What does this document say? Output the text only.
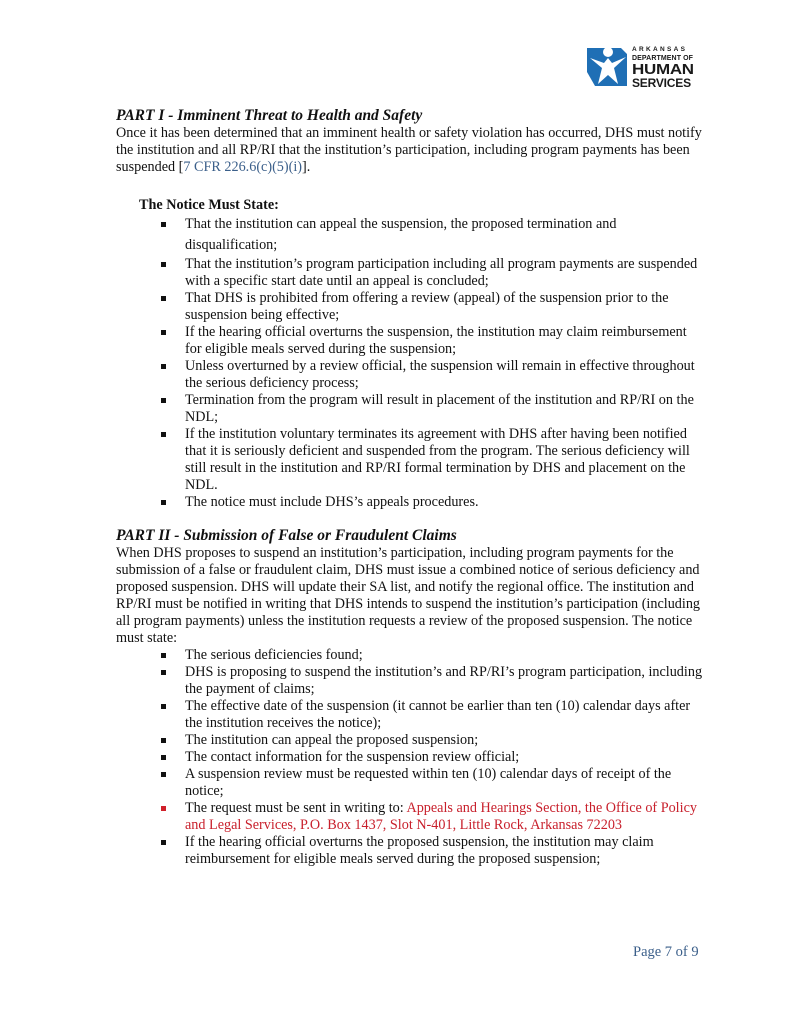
ARKANSAS
DEPARTMENT OF
HUMAN
SERVICES
PART I - Imminent Threat to Health and Safety

Once it has been determined that an imminent health or safety violation has occurred, DHS must notify the institution and all RP/RI that the institution’s participation, including program payments has been suspended [7 CFR 226.6(c)(5)(i)].

The Notice Must State:

That the institution can appeal the suspension, the proposed termination and disqualification;
That the institution’s program participation including all program payments are suspended with a specific start date until an appeal is concluded;
That DHS is prohibited from offering a review (appeal) of the suspension prior to the suspension being effective;
If the hearing official overturns the suspension, the institution may claim reimbursement for eligible meals served during the suspension;
Unless overturned by a review official, the suspension will remain in effective throughout the serious deficiency process;
Termination from the program will result in placement of the institution and RP/RI on the NDL;
If the institution voluntary terminates its agreement with DHS after having been notified that it is seriously deficient and suspended from the program. The serious deficiency will still result in the institution and RP/RI formal termination by DHS and placement on the NDL.
The notice must include DHS’s appeals procedures.
PART II - Submission of False or Fraudulent Claims

When DHS proposes to suspend an institution’s participation, including program payments for the submission of a false or fraudulent claim, DHS must issue a combined notice of serious deficiency and proposed suspension. DHS will update their SA list, and notify the regional office. The institution and RP/RI must be notified in writing that DHS intends to suspend the institution’s participation (including all program payments) unless the institution requests a review of the proposed suspension. The notice must state:

The serious deficiencies found;
DHS is proposing to suspend the institution’s and RP/RI’s program participation, including the payment of claims;
The effective date of the suspension (it cannot be earlier than ten (10) calendar days after the institution receives the notice);
The institution can appeal the proposed suspension;
The contact information for the suspension review official;
A suspension review must be requested within ten (10) calendar days of receipt of the notice;
The request must be sent in writing to: Appeals and Hearings Section, the Office of Policy and Legal Services, P.O. Box 1437, Slot N-401, Little Rock, Arkansas 72203
If the hearing official overturns the proposed suspension, the institution may claim reimbursement for eligible meals served during the proposed suspension;
Page 7 of 9
